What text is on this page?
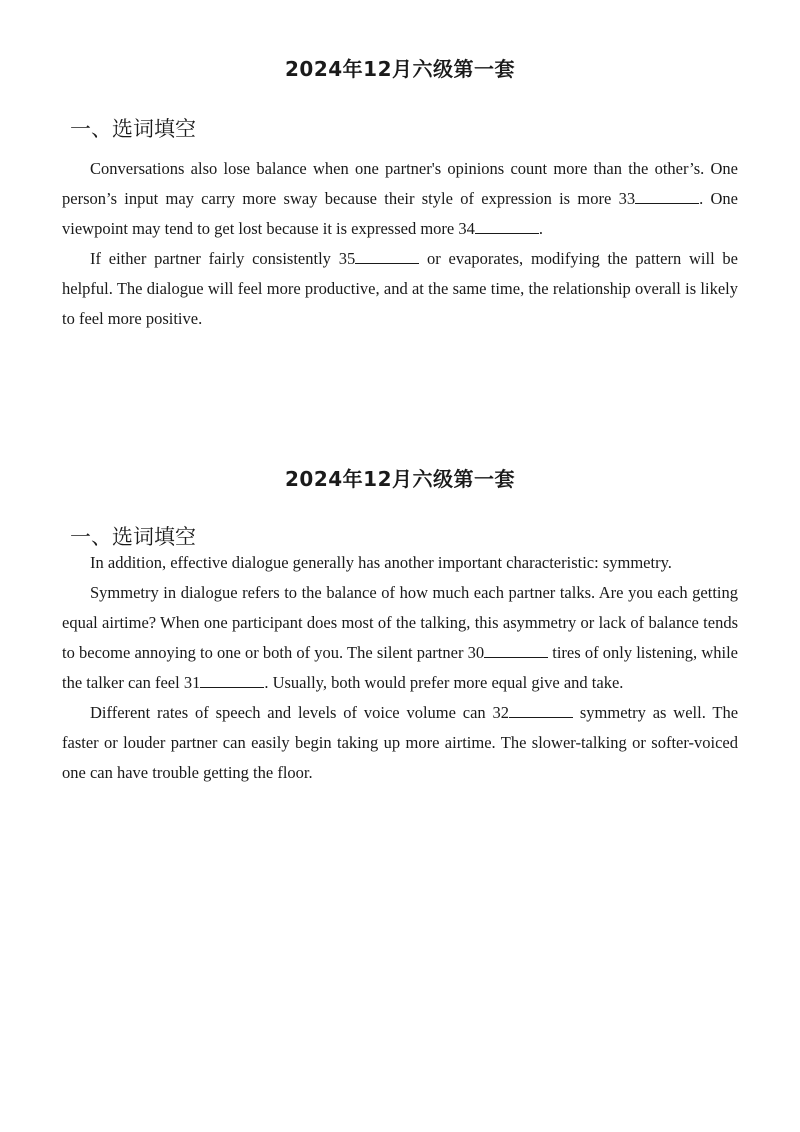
2024年12月六级第一套
一、选词填空

Conversations also lose balance when one partner's opinions count more than the other’s. One person’s input may carry more sway because their style of expression is more 33	. One viewpoint may tend to get lost because it is expressed more 34	.

If either partner fairly consistently 35	or evaporates, modifying the pattern will be helpful. The dialogue will feel more productive, and at the same time, the relationship overall is likely to feel more positive.

2024年12月六级第一套
一、选词填空

In addition, effective dialogue generally has another important characteristic: symmetry.

Symmetry in dialogue refers to the balance of how much each partner talks. Are you each getting equal airtime? When one participant does most of the talking, this asymmetry or lack of balance tends to become annoying to one or both of you. The silent partner 30	tires of only listening, while the talker can feel 31	. Usually, both would prefer more equal give and take.

Different rates of speech and levels of voice volume can 32	symmetry as well. The faster or louder partner can easily begin taking up more airtime. The slower-talking or softer-voiced one can have trouble getting the floor.
